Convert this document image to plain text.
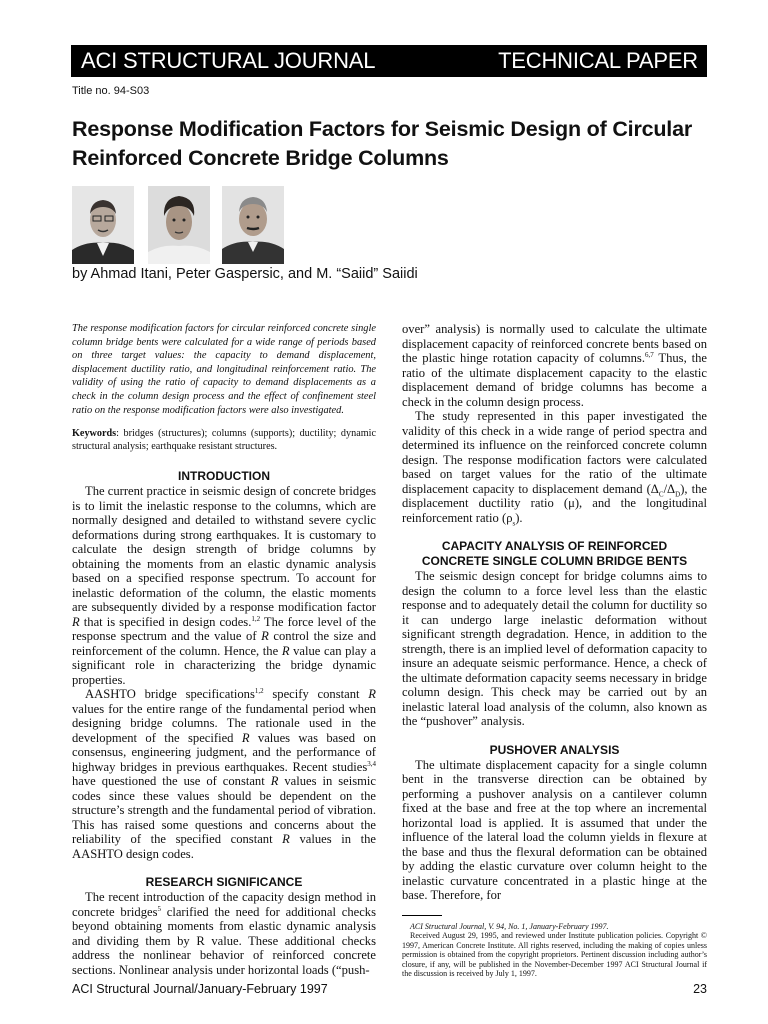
ACI STRUCTURAL JOURNAL	TECHNICAL PAPER
Title no. 94-S03
Response Modification Factors for Seismic Design of Circular Reinforced Concrete Bridge Columns
by Ahmad Itani, Peter Gaspersic, and M. “Saiid” Saiidi

The response modification factors for circular reinforced concrete single column bridge bents were calculated for a wide range of periods based on three target values: the capacity to demand displacement, displacement ductility ratio, and longitudinal reinforcement ratio. The validity of using the ratio of capacity to demand displacements as a check in the column design process and the effect of confinement steel ratio on the response modification factors were also investigated.

Keywords: bridges (structures); columns (supports); ductility; dynamic structural analysis; earthquake resistant structures.

INTRODUCTION

The current practice in seismic design of concrete bridges is to limit the inelastic response to the columns, which are normally designed and detailed to withstand severe cyclic deformations during strong earthquakes. It is customary to calculate the design strength of bridge columns by obtaining the moments from an elastic dynamic analysis based on a specified response spectrum. To account for inelastic deformation of the column, the elastic moments are subsequently divided by a response modification factor R that is specified in design codes.$^{1,2}$ The force level of the response spectrum and the value of R control the size and reinforcement of the column. Hence, the R value can play a significant role in characterizing the bridge dynamic properties.

AASHTO bridge specifications$^{1,2}$ specify constant R values for the entire range of the fundamental period when designing bridge columns. The rationale used in the development of the specified R values was based on consensus, engineering judgment, and the performance of highway bridges in previous earthquakes. Recent studies$^{3,4}$ have questioned the use of constant R values in seismic codes since these values should be dependent on the structure’s strength and the fundamental period of vibration. This has raised some questions and concerns about the reliability of the specified constant R values in the AASHTO design codes.

RESEARCH SIGNIFICANCE

The recent introduction of the capacity design method in concrete bridges$^5$ clarified the need for additional checks beyond obtaining moments from elastic dynamic analysis and dividing them by R value. These additional checks address the nonlinear behavior of reinforced concrete sections. Nonlinear analysis under horizontal loads (“push-

over” analysis) is normally used to calculate the ultimate displacement capacity of reinforced concrete bents based on the plastic hinge rotation capacity of columns.$^{6,7}$ Thus, the ratio of the ultimate displacement capacity to the elastic displacement demand of bridge columns has become a check in the column design process.

The study represented in this paper investigated the validity of this check in a wide range of period spectra and determined its influence on the reinforced concrete column design. The response modification factors were calculated based on target values for the ratio of the ultimate displacement capacity to displacement demand $(\Delta_C/\Delta_D)$, the displacement ductility ratio (μ), and the longitudinal reinforcement ratio $(\rho_s)$.

CAPACITY ANALYSIS OF REINFORCED
CONCRETE SINGLE COLUMN BRIDGE BENTS

The seismic design concept for bridge columns aims to design the column to a force level less than the elastic response and to adequately detail the column for ductility so it can undergo large inelastic deformation without significant strength degradation. Hence, in addition to the strength, there is an implied level of deformation capacity to insure an adequate seismic performance. Hence, a check of the ultimate deformation capacity seems necessary in bridge column design. This check may be carried out by an inelastic lateral load analysis of the column, also known as the “pushover” analysis.

PUSHOVER ANALYSIS

The ultimate displacement capacity for a single column bent in the transverse direction can be obtained by performing a pushover analysis on a cantilever column fixed at the base and free at the top where an incremental horizontal load is applied. It is assumed that under the influence of the lateral load the column yields in flexure at the base and thus the flexural deformation can be obtained by adding the elastic curvature over column height to the inelastic curvature concentrated in a plastic hinge at the base. Therefore, for

ACI Structural Journal, V. 94, No. 1, January-February 1997.

Received August 29, 1995, and reviewed under Institute publication policies. Copyright © 1997, American Concrete Institute. All rights reserved, including the making of copies unless permission is obtained from the copyright proprietors. Pertinent discussion including author’s closure, if any, will be published in the November-December 1997 ACI Structural Journal if the discussion is received by July 1, 1997.

ACI Structural Journal/January-February 1997	23
